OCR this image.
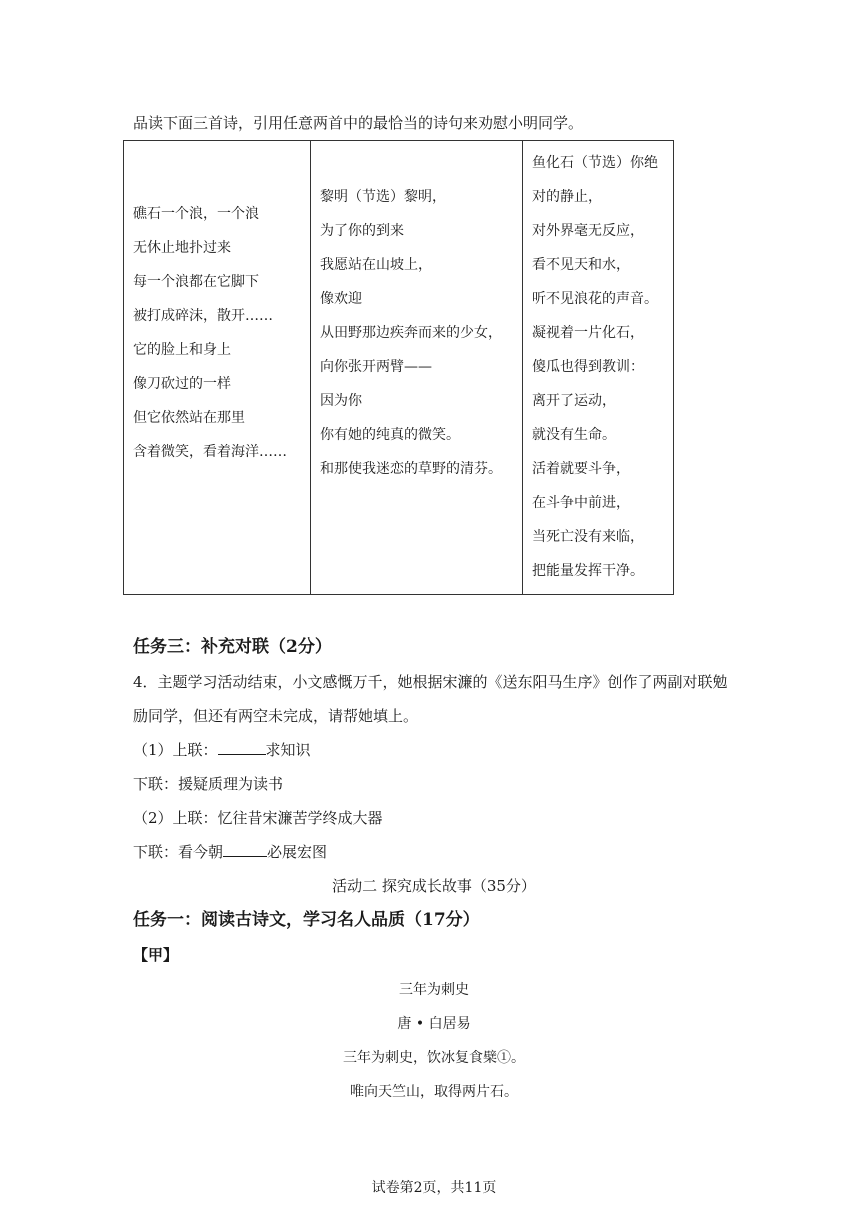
品读下面三首诗，引用任意两首中的最恰当的诗句来劝慰小明同学。
礁石一个浪，一个浪
无休止地扑过来
每一个浪都在它脚下
被打成碎沫，散开……
它的脸上和身上
像刀砍过的一样
但它依然站在那里
含着微笑，看着海洋……
黎明（节选）黎明，
为了你的到来
我愿站在山坡上，
像欢迎
从田野那边疾奔而来的少女，
向你张开两臂——
因为你
你有她的纯真的微笑。
和那使我迷恋的草野的清芬。
鱼化石（节选）你绝
对的静止，
对外界毫无反应，
看不见天和水，
听不见浪花的声音。
凝视着一片化石，
傻瓜也得到教训：
离开了运动，
就没有生命。
活着就要斗争，
在斗争中前进，
当死亡没有来临，
把能量发挥干净。
任务三：补充对联（2分）
4．主题学习活动结束，小文感慨万千，她根据宋濂的《送东阳马生序》创作了两副对联勉
励同学，但还有两空未完成，请帮她填上。
（1）上联：	求知识
下联：援疑质理为读书
（2）上联：忆往昔宋濂苦学终成大器
下联：看今朝	必展宏图
活动二 探究成长故事（35分）
任务一：阅读古诗文，学习名人品质（17分）
【甲】
三年为刺史
唐 • 白居易
三年为刺史，饮冰复食檗①。
唯向天竺山，取得两片石。
试卷第2页，共11页
